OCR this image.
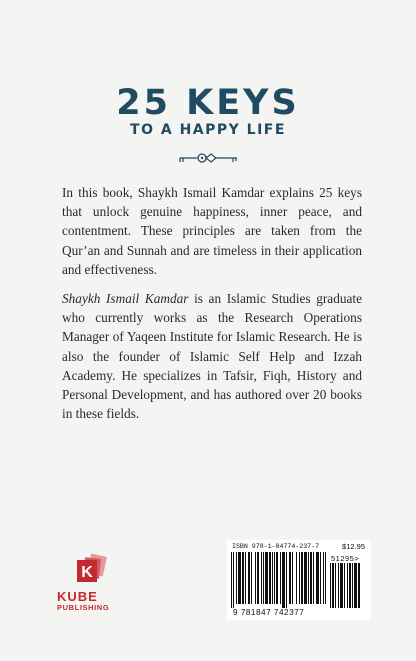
25 KEYS
TO A HAPPY LIFE

In this book, Shaykh Ismail Kamdar explains 25 keys that unlock genuine happiness, inner peace, and contentment. These principles are taken from the Qur’an and Sunnah and are timeless in their application and effectiveness.

Shaykh Ismail Kamdar is an Islamic Studies graduate who currently works as the Research Operations Manager of Yaqeen Institute for Islamic Research. He is also the founder of Islamic Self Help and Izzah Academy. He specializes in Tafsir, Fiqh, History and Personal Development, and has authored over 20 books in these fields.

K
KUBE
PUBLISHING
ISBN 978-1-84774-237-7	$12.95
51295>
9 781847 742377
